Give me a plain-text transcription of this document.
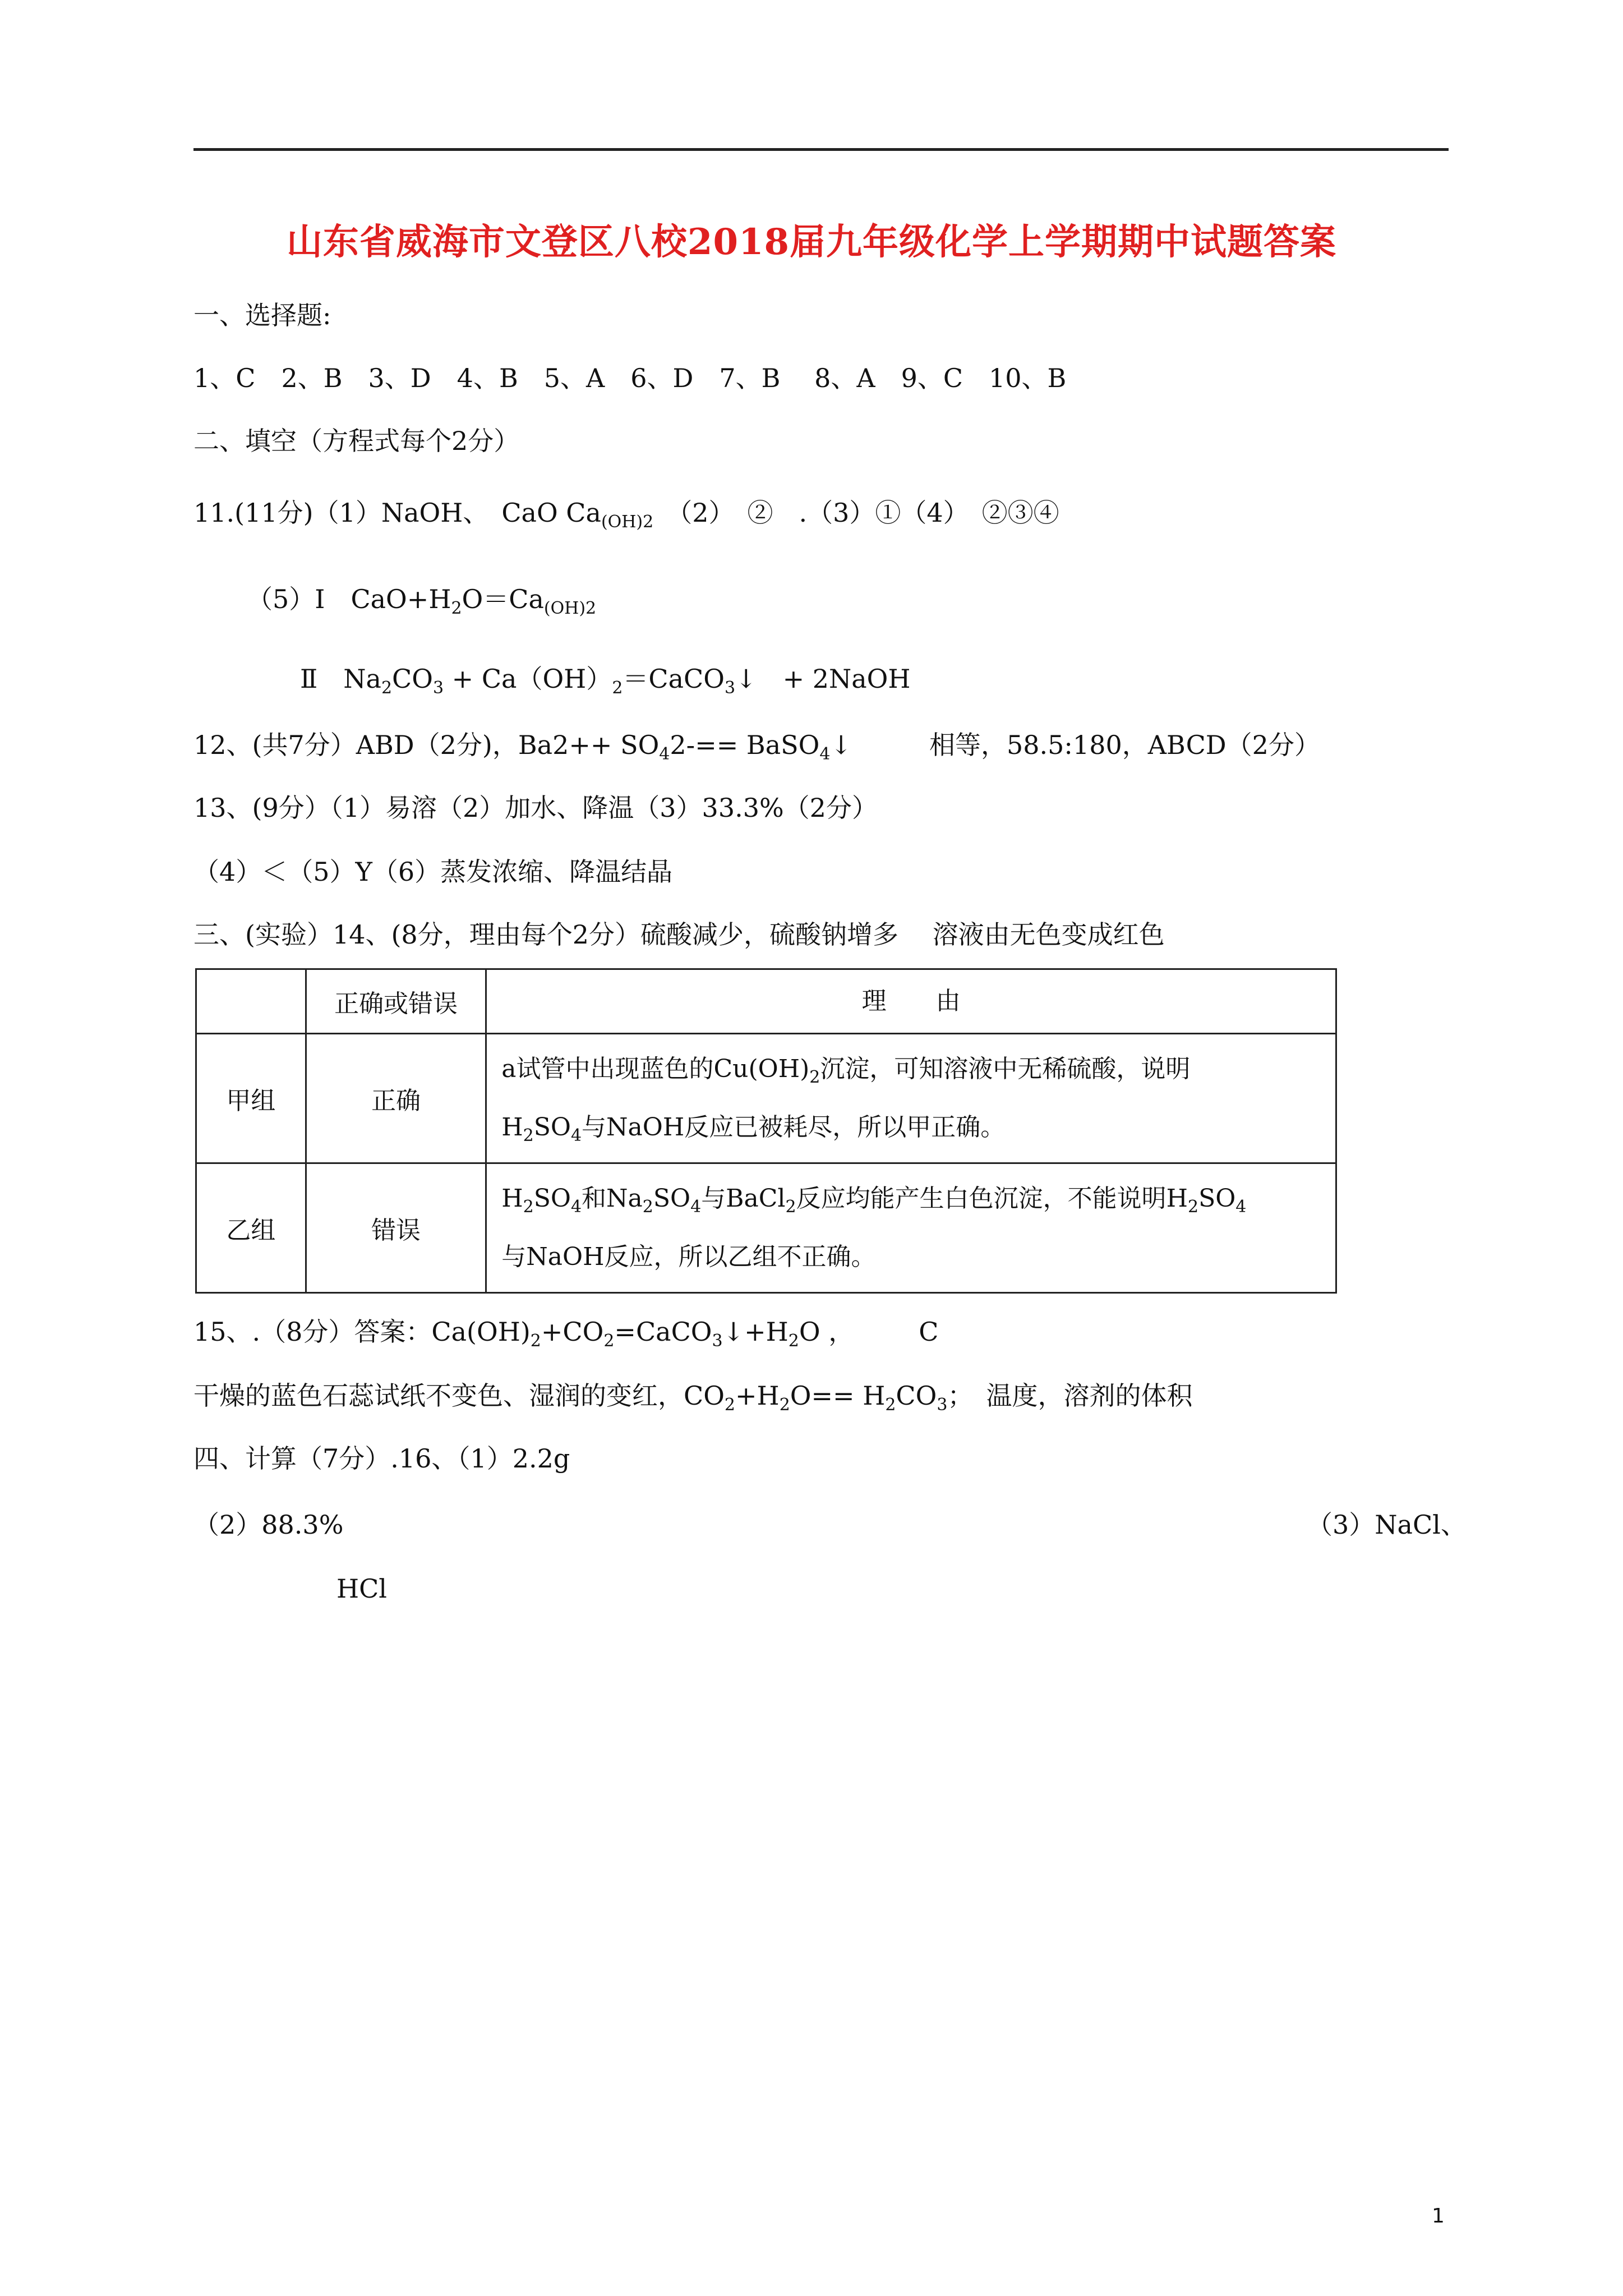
山东省威海市文登区八校2018届九年级化学上学期期中试题答案
一、选择题:
1、C　2、B　3、D　4、B　5、A　6、D　7、B　 8、A　9、C　10、B
二、填空（方程式每个2分）
11.(11分)（1）NaOH、　CaO $Ca_{(OH)2}$　（2）　②　.（3）①（4）　②③④
（5）Ⅰ　$CaO+H_2O=Ca_{(OH)2}$
Ⅱ　$Na_2CO_3$ + $Ca(OH)_2=CaCO_3↓$　+ 2NaOH
12、(共7分）ABD（2分)，$Ba2++ SO_42-==$ BaSO$_4$↓　　　相等，58.5:180，ABCD（2分）
13、(9分）（1）易溶（2）加水、降温（3）33.3%（2分）
（4）＜（5）Y（6）蒸发浓缩、降温结晶
三、(实验）14、(8分，理由每个2分）硫酸减少，硫酸钠增多　 溶液由无色变成红色
	正确或错误	理　　由
甲组	正确	a试管中出现蓝色的$Cu(OH)_2$沉淀，可知溶液中无稀硫酸，说明
$H_2SO_4$与NaOH反应已被耗尽，所以甲正确。

乙组	错误	$H_2SO_4$和$Na_2SO_4$与BaCl$_2$反应均能产生白色沉淀，不能说明$H_2SO_4$
与NaOH反应，所以乙组不正确。
15、.（8分）答案：$Ca(OH)_2+CO_2=CaCO_3↓+H_2O$ ，　　　C
干燥的蓝色石蕊试纸不变色、湿润的变红，$CO_2+H_2O== H_2CO_3$；　温度，溶剂的体积
四、计算（7分）.16、（1）2.2g
（2）88.3%	（3）NaCl、
HCl
1
